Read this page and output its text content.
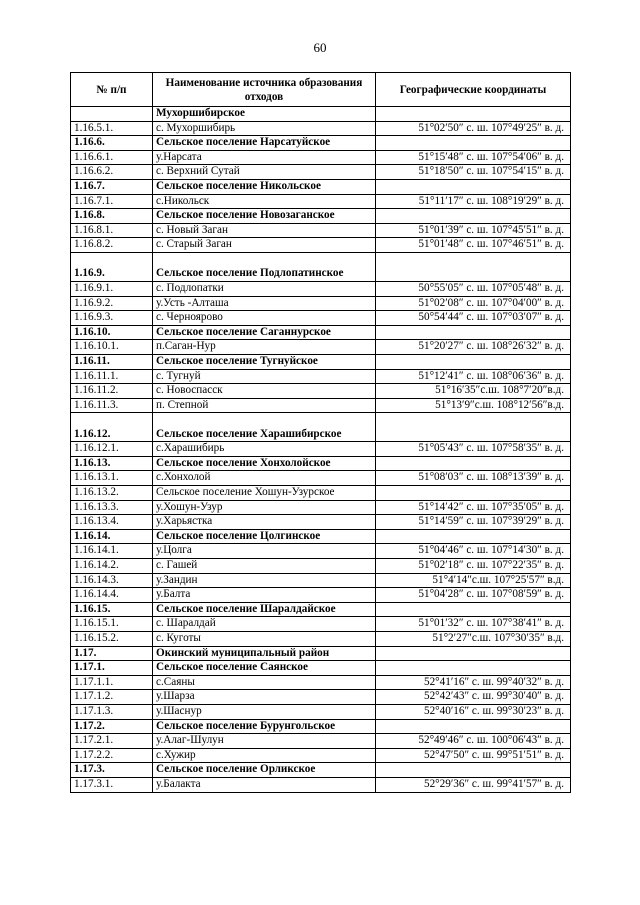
60
№ п/п	Наименование источника образования отходов	Географические координаты
	Мухоршибирское	
1.16.5.1.	с. Мухоршибирь	51°02′50″ с. ш. 107°49′25″ в. д.
1.16.6.	Сельское поселение Нарсатуйское	
1.16.6.1.	у.Нарсата	51°15′48″ с. ш. 107°54′06″ в. д.
1.16.6.2.	с. Верхний Сутай	51°18′50″ с. ш. 107°54′15″ в. д.
1.16.7.	Сельское поселение Никольское	
1.16.7.1.	с.Никольск	51°11′17″ с. ш. 108°19′29″ в. д.
1.16.8.	Сельское поселение Новозаганское	
1.16.8.1.	с. Новый Заган	51°01′39″ с. ш. 107°45′51″ в. д.
1.16.8.2.	с. Старый Заган	51°01′48″ с. ш. 107°46′51″ в. д.
1.16.9.	Сельское поселение Подлопатинское	
1.16.9.1.	с. Подлопатки	50°55′05″ с. ш. 107°05′48″ в. д.
1.16.9.2.	у.Усть -Алташа	51°02′08″ с. ш. 107°04′00″ в. д.
1.16.9.3.	с. Черноярово	50°54′44″ с. ш. 107°03′07″ в. д.
1.16.10.	Сельское поселение Саганнурское	
1.16.10.1.	п.Саган-Нур	51°20′27″ с. ш. 108°26′32″ в. д.
1.16.11.	Сельское поселение Тугнуйское	
1.16.11.1.	с. Тугнуй	51°12′41″ с. ш. 108°06′36″ в. д.
1.16.11.2.	с. Новоспасск	51°16′35″с.ш. 108°7′20″в.д.
1.16.11.3.	п. Степной	51°13′9″с.ш. 108°12′56″в.д.
1.16.12.	Сельское поселение Харашибирское	
1.16.12.1.	с.Харашибирь	51°05′43″ с. ш. 107°58′35″ в. д.
1.16.13.	Сельское поселение Хонхолойское	
1.16.13.1.	с.Хонхолой	51°08′03″ с. ш. 108°13′39″ в. д.
1.16.13.2.	Сельское поселение Хошун-Узурское	
1.16.13.3.	у.Хошун-Узур	51°14′42″ с. ш. 107°35′05″ в. д.
1.16.13.4.	у.Харьястка	51°14′59″ с. ш. 107°39′29″ в. д.
1.16.14.	Сельское поселение Цолгинское	
1.16.14.1.	у.Цолга	51°04′46″ с. ш. 107°14′30″ в. д.
1.16.14.2.	с. Гашей	51°02′18″ с. ш. 107°22′35″ в. д.
1.16.14.3.	у.Зандин	51°4′14″с.ш. 107°25′57″ в.д.
1.16.14.4.	у.Балта	51°04′28″ с. ш. 107°08′59″ в. д.
1.16.15.	Сельское поселение Шаралдайское	
1.16.15.1.	с. Шаралдай	51°01′32″ с. ш. 107°38′41″ в. д.
1.16.15.2.	с. Куготы	51°2′27″с.ш. 107°30′35″ в.д.
1.17.	Окинский муниципальный район	
1.17.1.	Сельское поселение Саянское	
1.17.1.1.	с.Саяны	52°41′16″ с. ш. 99°40′32″ в. д.
1.17.1.2.	у.Шарза	52°42′43″ с. ш. 99°30′40″ в. д.
1.17.1.3.	у.Шаснур	52°40′16″ с. ш. 99°30′23″ в. д.
1.17.2.	Сельское поселение Бурунгольское	
1.17.2.1.	у.Алаг-Шулун	52°49′46″ с. ш. 100°06′43″ в. д.
1.17.2.2.	с.Хужир	52°47′50″ с. ш. 99°51′51″ в. д.
1.17.3.	Сельское поселение Орликское	
1.17.3.1.	у.Балакта	52°29′36″ с. ш. 99°41′57″ в. д.
